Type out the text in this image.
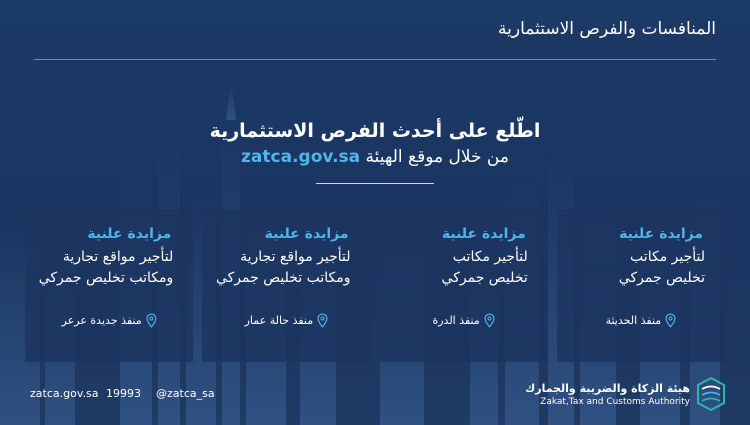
المنافسات والفرص الاستثمارية
اطّلع على أحدث الفرص الاستثمارية
من خلال موقع الهيئة zatca.gov.sa
مزايدة علنية
لتأجير مكاتب
تخليص جمركي
منفذ الحديثة
مزايدة علنية
لتأجير مكاتب
تخليص جمركي
منفذ الدرة
مزايدة علنية
لتأجير مواقع تجارية
ومكاتب تخليص جمركي
منفذ حالة عمار
مزايدة علنية
لتأجير مواقع تجارية
ومكاتب تخليص جمركي
منفذ جديدة عرعر
zatca.gov.sa 19993 @zatca_sa	هيئة الزكاة والضريبة والجمارك
Zakat,Tax and Customs Authority
